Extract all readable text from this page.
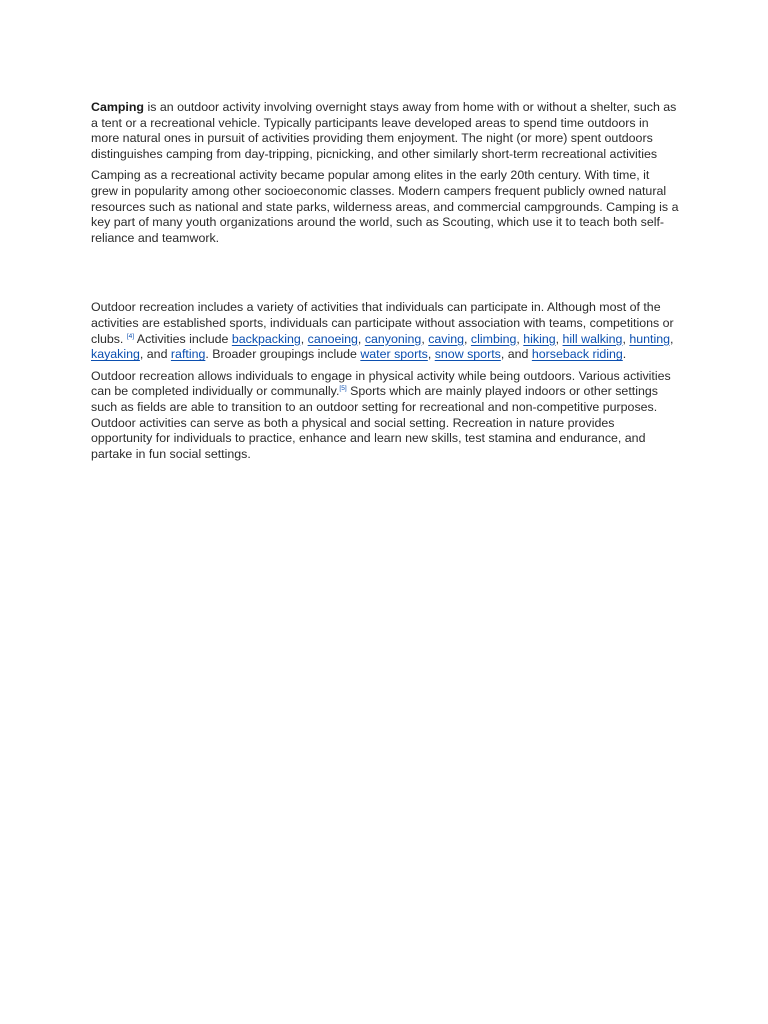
Camping is an outdoor activity involving overnight stays away from home with or without a shelter, such as a tent or a recreational vehicle. Typically participants leave developed areas to spend time outdoors in more natural ones in pursuit of activities providing them enjoyment. The night (or more) spent outdoors distinguishes camping from day-tripping, picnicking, and other similarly short-term recreational activities

Camping as a recreational activity became popular among elites in the early 20th century. With time, it grew in popularity among other socioeconomic classes. Modern campers frequent publicly owned natural resources such as national and state parks, wilderness areas, and commercial campgrounds. Camping is a key part of many youth organizations around the world, such as Scouting, which use it to teach both self-reliance and teamwork.

Outdoor recreation includes a variety of activities that individuals can participate in. Although most of the activities are established sports, individuals can participate without association with teams, competitions or clubs. [4] Activities include backpacking, canoeing, canyoning, caving, climbing, hiking, hill walking, hunting, kayaking, and rafting. Broader groupings include water sports, snow sports, and horseback riding.

Outdoor recreation allows individuals to engage in physical activity while being outdoors. Various activities can be completed individually or communally.[5] Sports which are mainly played indoors or other settings such as fields are able to transition to an outdoor setting for recreational and non-competitive purposes. Outdoor activities can serve as both a physical and social setting. Recreation in nature provides opportunity for individuals to practice, enhance and learn new skills, test stamina and endurance, and partake in fun social settings.
